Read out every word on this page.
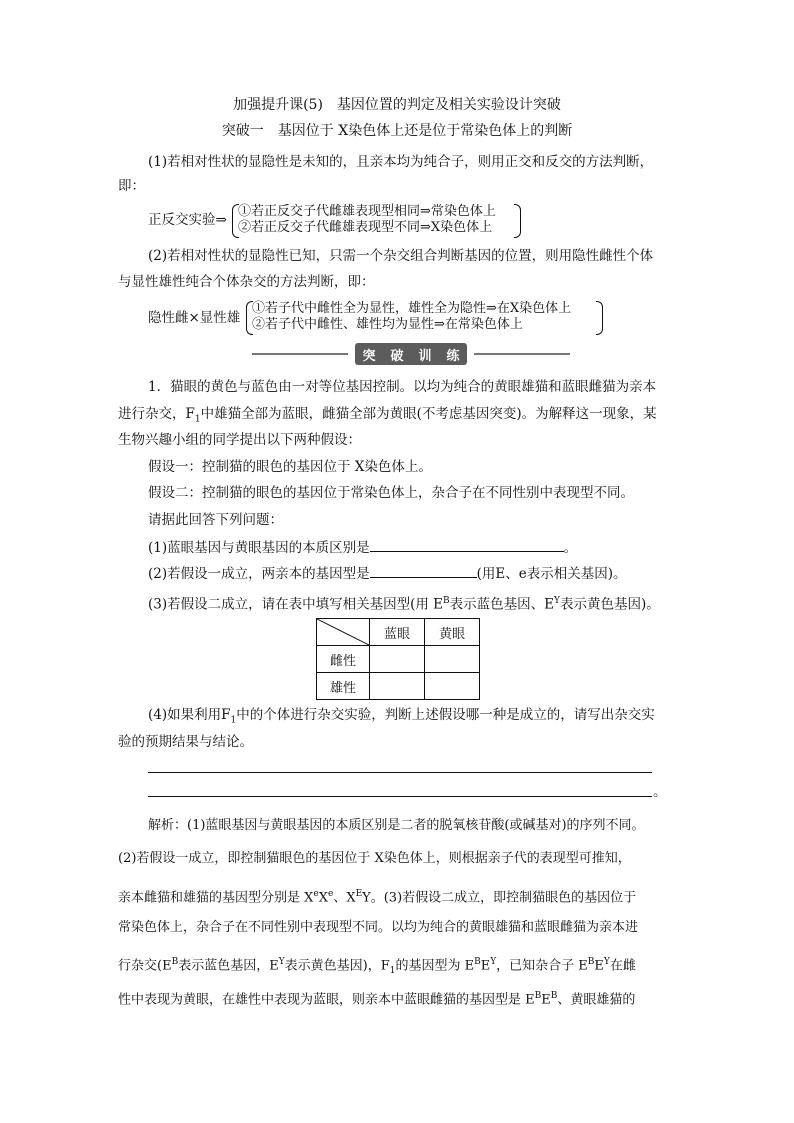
加强提升课(5)　基因位置的判定及相关实验设计突破
突破一　基因位于 X染色体上还是位于常染色体上的判断
(1)若相对性状的显隐性是未知的，且亲本均为纯合子，则用正交和反交的方法判断，
即：
正反交实验⇒
①若正反交子代雌雄表现型相同⇒常染色体上
②若正反交子代雌雄表现型不同⇒X染色体上
(2)若相对性状的显隐性已知，只需一个杂交组合判断基因的位置，则用隐性雌性个体
与显性雄性纯合个体杂交的方法判断，即：
隐性雌×显性雄
①若子代中雌性全为显性，雄性全为隐性⇒在X染色体上
②若子代中雌性、雄性均为显性⇒在常染色体上
突 破 训 练
1．猫眼的黄色与蓝色由一对等位基因控制。以均为纯合的黄眼雄猫和蓝眼雌猫为亲本
进行杂交，$F_1$中雄猫全部为蓝眼，雌猫全部为黄眼(不考虑基因突变)。为解释这一现象，某
生物兴趣小组的同学提出以下两种假设：
假设一：控制猫的眼色的基因位于 X染色体上。
假设二：控制猫的眼色的基因位于常染色体上，杂合子在不同性别中表现型不同。
请据此回答下列问题：
(1)蓝眼基因与黄眼基因的本质区别是	。
(2)若假设一成立，两亲本的基因型是	(用E、e表示相关基因)。
(3)若假设二成立，请在表中填写相关基因型(用 $E^B$表示蓝色基因、$E^Y$表示黄色基因)。
	蓝眼	黄眼
雌性		
雄性		
(4)如果利用$F_1$中的个体进行杂交实验，判断上述假设哪一种是成立的，请写出杂交实
验的预期结果与结论。
。
解析：(1)蓝眼基因与黄眼基因的本质区别是二者的脱氧核苷酸(或碱基对)的序列不同。
(2)若假设一成立，即控制猫眼色的基因位于 X染色体上，则根据亲子代的表现型可推知，
亲本雌猫和雄猫的基因型分别是 XeXe、$X^EY$。(3)若假设二成立，即控制猫眼色的基因位于
常染色体上，杂合子在不同性别中表现型不同。以均为纯合的黄眼雄猫和蓝眼雌猫为亲本进
行杂交($E^B$表示蓝色基因，$E^Y$表示黄色基因)，$F_1$的基因型为 $E^BE^Y$，已知杂合子 $E^BE^Y$在雌
性中表现为黄眼，在雄性中表现为蓝眼，则亲本中蓝眼雌猫的基因型是 $E^BE^B$、黄眼雄猫的
